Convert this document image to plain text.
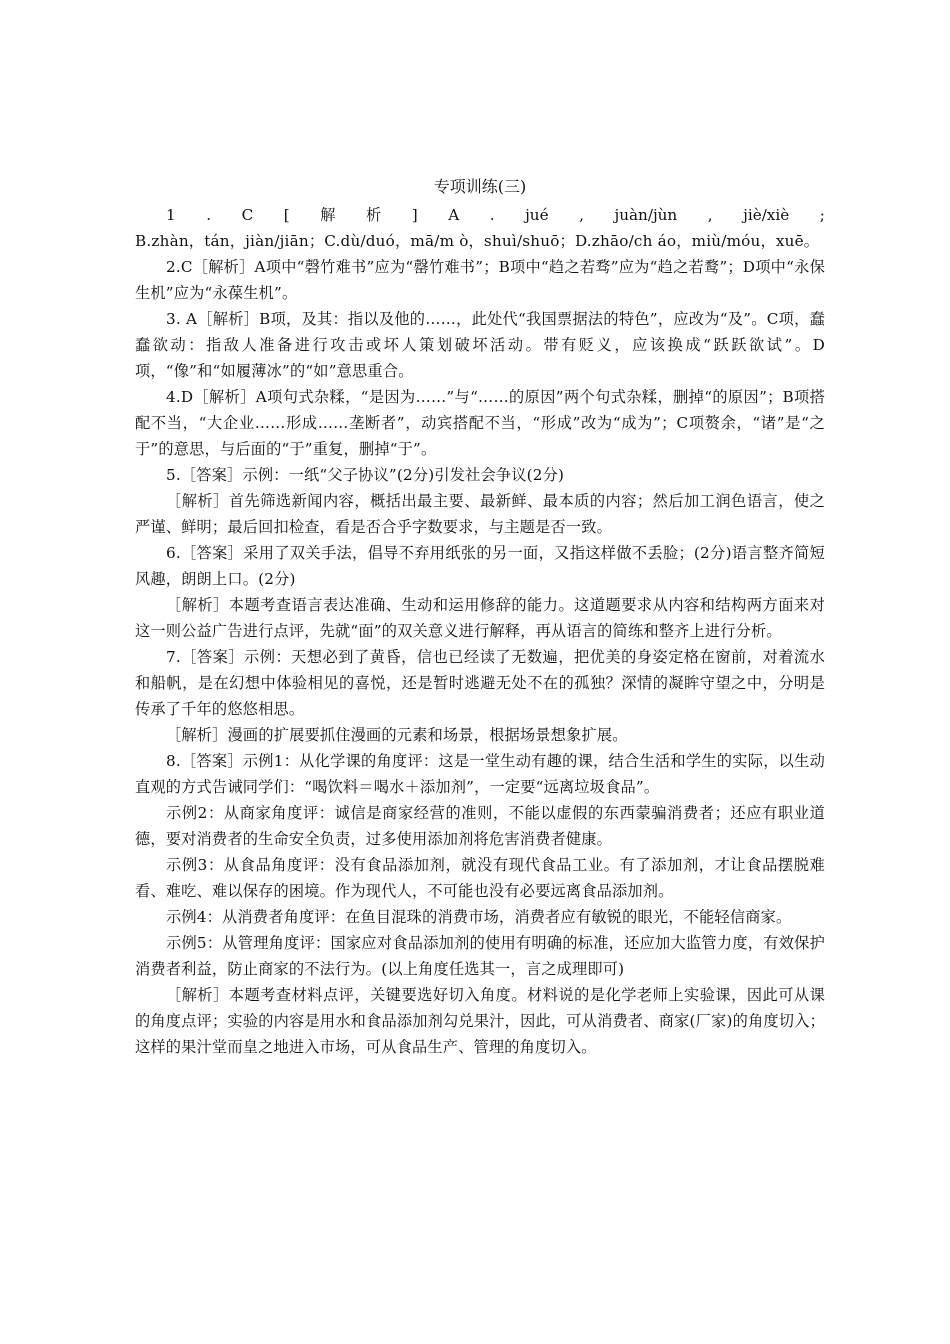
专项训练(三)
1 . C [ 解 析 ] A . jué , juàn/jùn , jiè/xiè ;

B.zhàn，tán，jiàn/jiān；C.dù/duó，mā/m ò，shuì/shuō；D.zhāo/ch áo，miù/móu，xuē。

2.C［解析］A项中“磬竹难书”应为“罄竹难书”；B项中“趋之若骛”应为“趋之若鹜”；D项中“永保生机”应为“永葆生机”。

3. A［解析］B项，及其：指以及他的……，此处代“我国票据法的特色”，应改为“及”。C项，蠢蠢欲动：指敌人准备进行攻击或坏人策划破坏活动。带有贬义，应该换成“跃跃欲试”。D项，“像”和“如履薄冰”的“如”意思重合。

4.D［解析］A项句式杂糅，“是因为……”与“……的原因”两个句式杂糅，删掉“的原因”；B项搭配不当，“大企业……形成……垄断者”，动宾搭配不当，“形成”改为“成为”；C项赘余，“诸”是“之于”的意思，与后面的“于”重复，删掉“于”。

5.［答案］示例：一纸“父子协议”(2分)引发社会争议(2分)

［解析］首先筛选新闻内容，概括出最主要、最新鲜、最本质的内容；然后加工润色语言，使之严谨、鲜明；最后回扣检查，看是否合乎字数要求，与主题是否一致。

6.［答案］采用了双关手法，倡导不弃用纸张的另一面，又指这样做不丢脸；(2分)语言整齐简短风趣，朗朗上口。(2分)

［解析］本题考查语言表达准确、生动和运用修辞的能力。这道题要求从内容和结构两方面来对这一则公益广告进行点评，先就“面”的双关意义进行解释，再从语言的简练和整齐上进行分析。

7.［答案］示例：天想必到了黄昏，信也已经读了无数遍，把优美的身姿定格在窗前，对着流水和船帆，是在幻想中体验相见的喜悦，还是暂时逃避无处不在的孤独？深情的凝眸守望之中，分明是传承了千年的悠悠相思。

［解析］漫画的扩展要抓住漫画的元素和场景，根据场景想象扩展。

8.［答案］示例1：从化学课的角度评：这是一堂生动有趣的课，结合生活和学生的实际，以生动直观的方式告诫同学们：“喝饮料＝喝水＋添加剂”，一定要“远离垃圾食品”。

示例2：从商家角度评：诚信是商家经营的准则，不能以虚假的东西蒙骗消费者；还应有职业道德，要对消费者的生命安全负责，过多使用添加剂将危害消费者健康。

示例3：从食品角度评：没有食品添加剂，就没有现代食品工业。有了添加剂，才让食品摆脱难看、难吃、难以保存的困境。作为现代人，不可能也没有必要远离食品添加剂。

示例4：从消费者角度评：在鱼目混珠的消费市场，消费者应有敏锐的眼光，不能轻信商家。

示例5：从管理角度评：国家应对食品添加剂的使用有明确的标准，还应加大监管力度，有效保护消费者利益，防止商家的不法行为。(以上角度任选其一，言之成理即可)

［解析］本题考查材料点评，关键要选好切入角度。材料说的是化学老师上实验课，因此可从课的角度点评；实验的内容是用水和食品添加剂勾兑果汁，因此，可从消费者、商家(厂家)的角度切入；这样的果汁堂而皇之地进入市场，可从食品生产、管理的角度切入。
